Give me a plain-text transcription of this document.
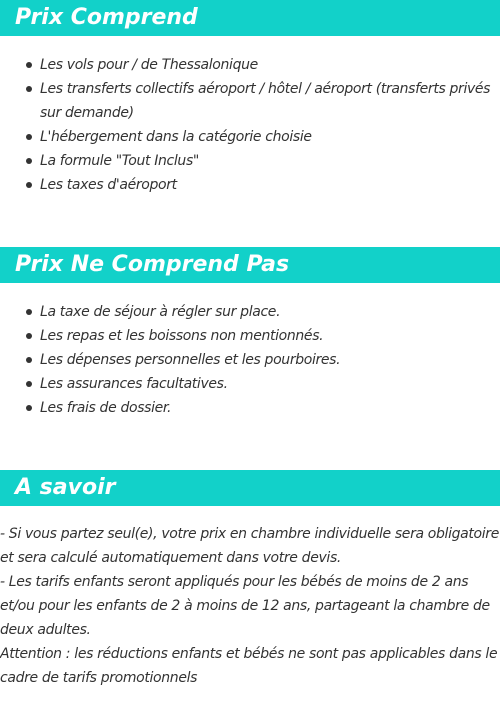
Prix Comprend
Les vols pour / de Thessalonique
Les transferts collectifs aéroport / hôtel / aéroport (transferts privés sur demande)
L'hébergement dans la catégorie choisie
La formule "Tout Inclus"
Les taxes d'aéroport
Prix Ne Comprend Pas
La taxe de séjour à régler sur place.
Les repas et les boissons non mentionnés.
Les dépenses personnelles et les pourboires.
Les assurances facultatives.
Les frais de dossier.
A savoir

- Si vous partez seul(e), votre prix en chambre individuelle sera obligatoire et sera calculé automatiquement dans votre devis.

- Les tarifs enfants seront appliqués pour les bébés de moins de 2 ans et/ou pour les enfants de 2 à moins de 12 ans, partageant la chambre de deux adultes.

Attention : les réductions enfants et bébés ne sont pas applicables dans le cadre de tarifs promotionnels
